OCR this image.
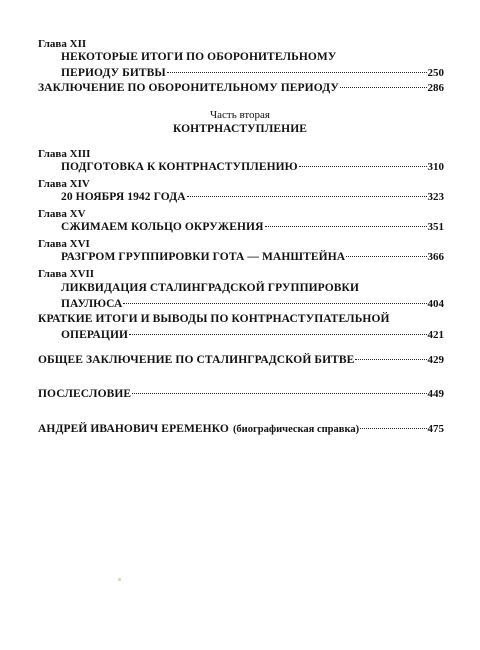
Глава XII
НЕКОТОРЫЕ ИТОГИ ПО ОБОРОНИТЕЛЬНОМУ
ПЕРИОДУ БИТВЫ	250
ЗАКЛЮЧЕНИЕ ПО ОБОРОНИТЕЛЬНОМУ ПЕРИОДУ	286
Часть вторая
КОНТРНАСТУПЛЕНИЕ
Глава XIII
ПОДГОТОВКА К КОНТРНАСТУПЛЕНИЮ	310
Глава XIV
20 НОЯБРЯ 1942 ГОДА	323
Глава XV
СЖИМАЕМ КОЛЬЦО ОКРУЖЕНИЯ	351
Глава XVI
РАЗГРОМ ГРУППИРОВКИ ГОТА — МАНШТЕЙНА	366
Глава XVII
ЛИКВИДАЦИЯ СТАЛИНГРАДСКОЙ ГРУППИРОВКИ
ПАУЛЮСА	404
КРАТКИЕ ИТОГИ И ВЫВОДЫ ПО КОНТРНАСТУПАТЕЛЬНОЙ
ОПЕРАЦИИ	421
ОБЩЕЕ ЗАКЛЮЧЕНИЕ ПО СТАЛИНГРАДСКОЙ БИТВЕ	429
ПОСЛЕСЛОВИЕ	449
АНДРЕЙ ИВАНОВИЧ ЕРЕМЕНКО (биографическая справка)	475
